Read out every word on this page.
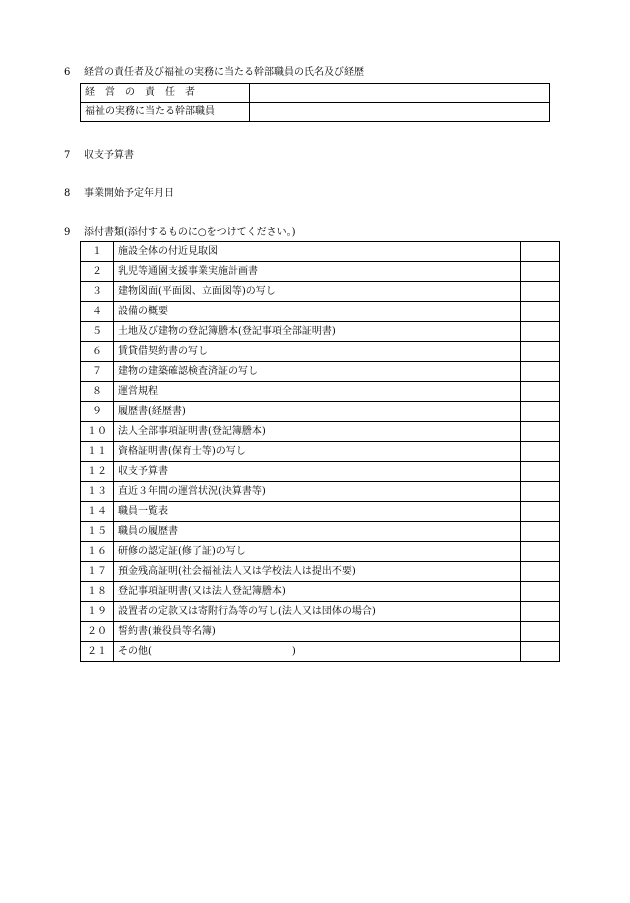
6 経営の責任者及び福祉の実務に当たる幹部職員の氏名及び経歴
経　営　の　責　任　者	
福祉の実務に当たる幹部職員	
7 収支予算書
8 事業開始予定年月日
9 添付書類(添付するものに○をつけてください。)
１	施設全体の付近見取図	
２	乳児等通園支援事業実施計画書	
３	建物図面(平面図、立面図等)の写し	
４	設備の概要	
５	土地及び建物の登記簿謄本(登記事項全部証明書)	
６	賃貸借契約書の写し	
７	建物の建築確認検査済証の写し	
８	運営規程	
９	履歴書(経歴書)	
１０	法人全部事項証明書(登記簿謄本)	
１１	資格証明書(保育士等)の写し	
１２	収支予算書	
１３	直近３年間の運営状況(決算書等)	
１４	職員一覧表	
１５	職員の履歴書	
１６	研修の認定証(修了証)の写し	
１７	預金残高証明(社会福祉法人又は学校法人は提出不要)	
１８	登記事項証明書(又は法人登記簿謄本)	
１９	設置者の定款又は寄附行為等の写し(法人又は団体の場合)	
２０	誓約書(兼役員等名簿)	
２１	その他(　　　　　　　　　　　　　　)	
